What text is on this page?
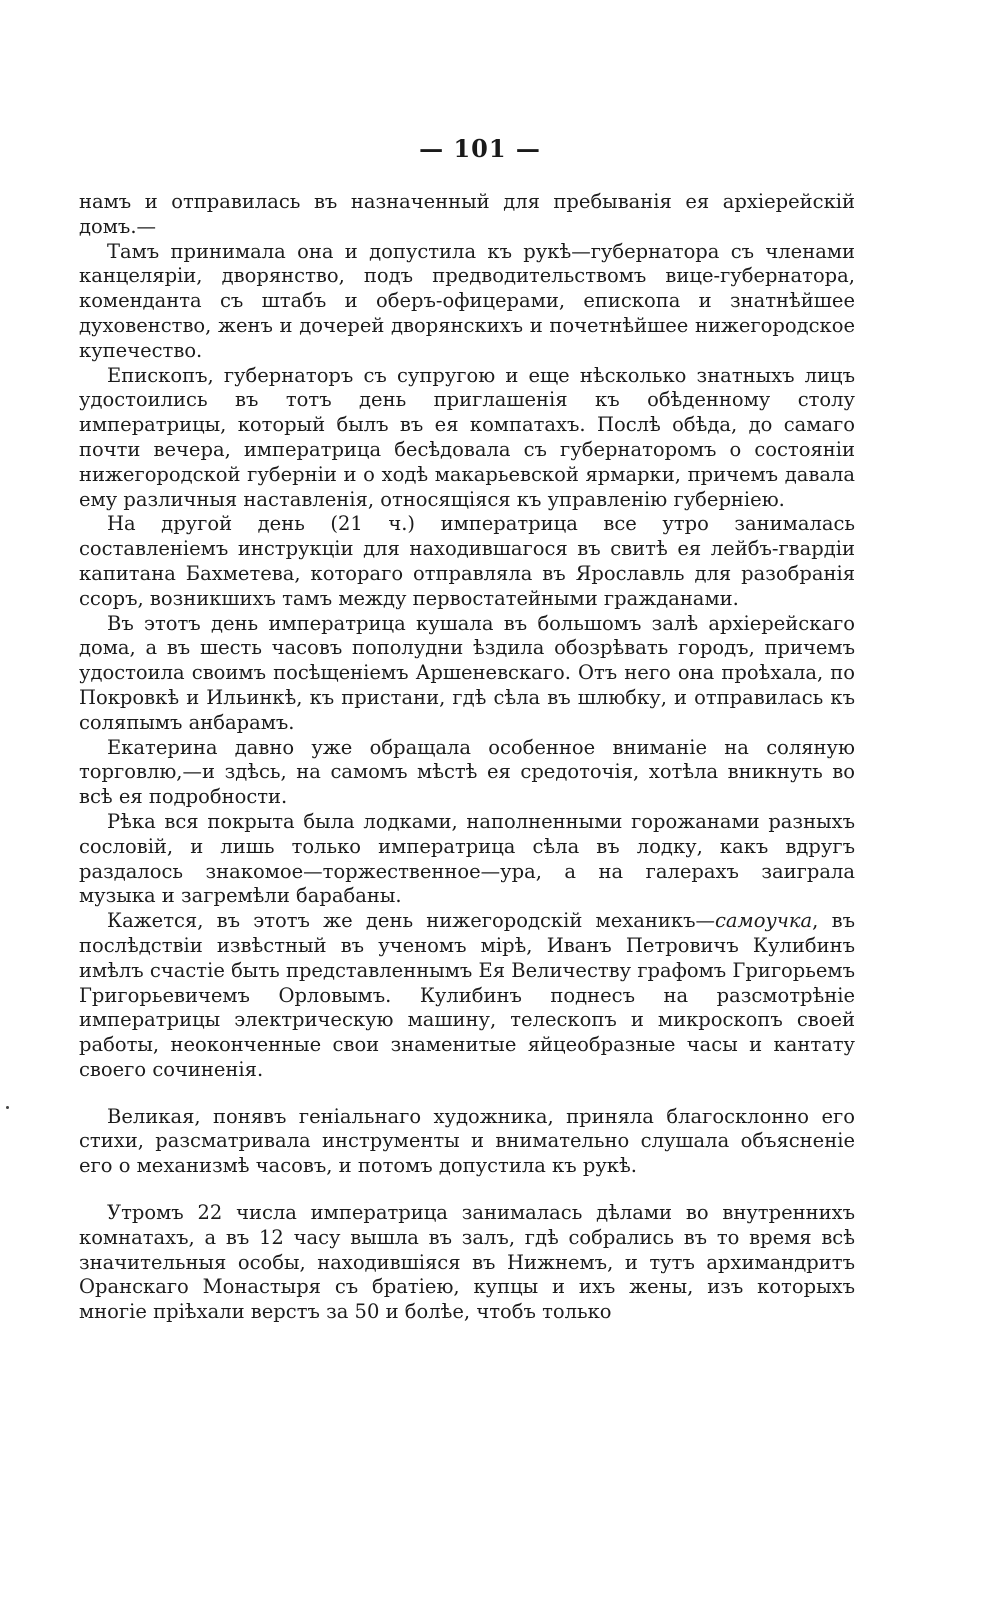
— 101 —

намъ и отправилась въ назначенный для пребыванія ея архіерейскій домъ.—

Тамъ принимала она и допустила къ рукѣ—губернатора съ членами канцеляріи, дворянство, подъ предводительствомъ вице-губернатора, коменданта съ штабъ и оберъ-офицерами, епископа и знатнѣйшее духовенство, женъ и дочерей дворянскихъ и почетнѣйшее нижегородское купечество.

Епископъ, губернаторъ съ супругою и еще нѣсколько знатныхъ лицъ удостоились въ тотъ день приглашенія къ обѣденному столу императрицы, который былъ въ ея компатахъ. Послѣ обѣда, до самаго почти вечера, императрица бесѣдовала съ губернаторомъ о состояніи нижегородской губерніи и о ходѣ макарьевской ярмарки, причемъ давала ему различныя наставленія, относящіяся къ управленію губерніею.

На другой день (21 ч.) императрица все утро занималась составленіемъ инструкціи для находившагося въ свитѣ ея лейбъ-гвардіи капитана Бахметева, котораго отправляла въ Ярославль для разобранія ссоръ, возникшихъ тамъ между первостатейными гражданами.

Въ этотъ день императрица кушала въ большомъ залѣ архіерейскаго дома, а въ шесть часовъ пополудни ѣздила обозрѣвать городъ, причемъ удостоила своимъ посѣщеніемъ Аршеневскаго. Отъ него она проѣхала, по Покровкѣ и Ильинкѣ, къ пристани, гдѣ сѣла въ шлюбку, и отправилась къ соляпымъ анбарамъ.

Екатерина давно уже обращала особенное вниманіе на соляную торговлю,—и здѣсь, на самомъ мѣстѣ ея средоточія, хотѣла вникнуть во всѣ ея подробности.

Рѣка вся покрыта была лодками, наполненными горожанами разныхъ сословій, и лишь только императрица сѣла въ лодку, какъ вдругъ раздалось знакомое—торжественное—ура, а на галерахъ заиграла музыка и загремѣли барабаны.

Кажется, въ этотъ же день нижегородскій механикъ—самоучка, въ послѣдствіи извѣстный въ ученомъ мірѣ, Иванъ Петровичъ Кулибинъ имѣлъ счастіе быть представленнымъ Ея Величеству графомъ Григорьемъ Григорьевичемъ Орловымъ. Кулибинъ поднесъ на разсмотрѣніе императрицы электрическую машину, телескопъ и микроскопъ своей работы, неоконченные свои знаменитые яйцеобразные часы и кантату своего сочиненія.

Великая, понявъ геніальнаго художника, приняла благосклонно его стихи, разсматривала инструменты и внимательно слушала объясненіе его о механизмѣ часовъ, и потомъ допустила къ рукѣ.

Утромъ 22 числа императрица занималась дѣлами во внутреннихъ комнатахъ, а въ 12 часу вышла въ залъ, гдѣ собрались въ то время всѣ значительныя особы, находившіяся въ Нижнемъ, и тутъ архимандритъ Оранскаго Монастыря съ братіею, купцы и ихъ жены, изъ которыхъ многіе пріѣхали верстъ за 50 и болѣе, чтобъ только
